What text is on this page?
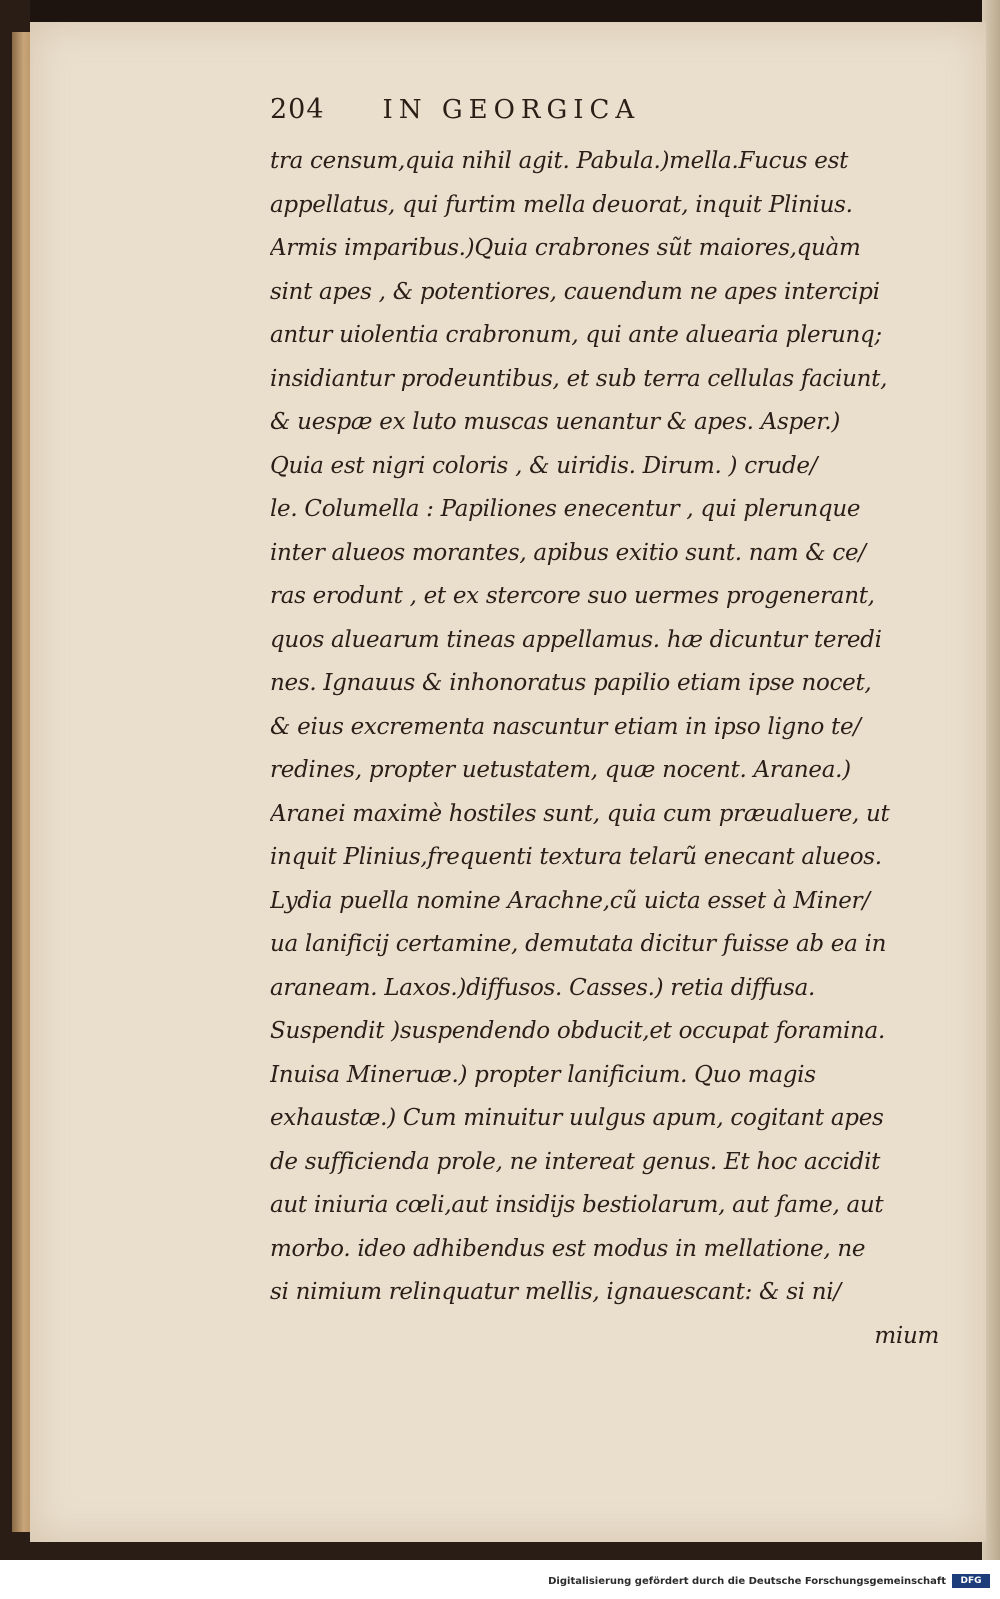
204 IN GEORGICA
tra censum,quia nihil agit. Pabula.)mella.Fucus est
appellatus, qui furtim mella deuorat, inquit Plinius.
Armis imparibus.)Quia crabrones sũt maiores,quàm
sint apes , & potentiores, cauendum ne apes intercipi
antur uiolentia crabronum, qui ante aluearia plerunq;
insidiantur prodeuntibus, et sub terra cellulas faciunt,
& uespæ ex luto muscas uenantur & apes. Asper.)
Quia est nigri coloris , & uiridis. Dirum. ) crude/
le. Columella : Papiliones enecentur , qui plerunque
inter alueos morantes, apibus exitio sunt. nam & ce/
ras erodunt , et ex stercore suo uermes progenerant,
quos aluearum tineas appellamus. hæ dicuntur teredi
nes. Ignauus & inhonoratus papilio etiam ipse nocet,
& eius excrementa nascuntur etiam in ipso ligno te/
redines, propter uetustatem, quæ nocent. Aranea.)
Aranei maximè hostiles sunt, quia cum præualuere, ut
inquit Plinius,frequenti textura telarũ enecant alueos.
Lydia puella nomine Arachne,cũ uicta esset à Miner/
ua lanificij certamine, demutata dicitur fuisse ab ea in
araneam. Laxos.)diffusos. Casses.) retia diffusa.
Suspendit )suspendendo obducit,et occupat foramina.
Inuisa Mineruæ.) propter lanificium. Quo magis
exhaustæ.) Cum minuitur uulgus apum, cogitant apes
de sufficienda prole, ne intereat genus. Et hoc accidit
aut iniuria cœli,aut insidijs bestiolarum, aut fame, aut
morbo. ideo adhibendus est modus in mellatione, ne
si nimium relinquatur mellis, ignauescant: & si ni/
mium
Digitalisierung gefördert durch die Deutsche Forschungsgemeinschaft	DFG
